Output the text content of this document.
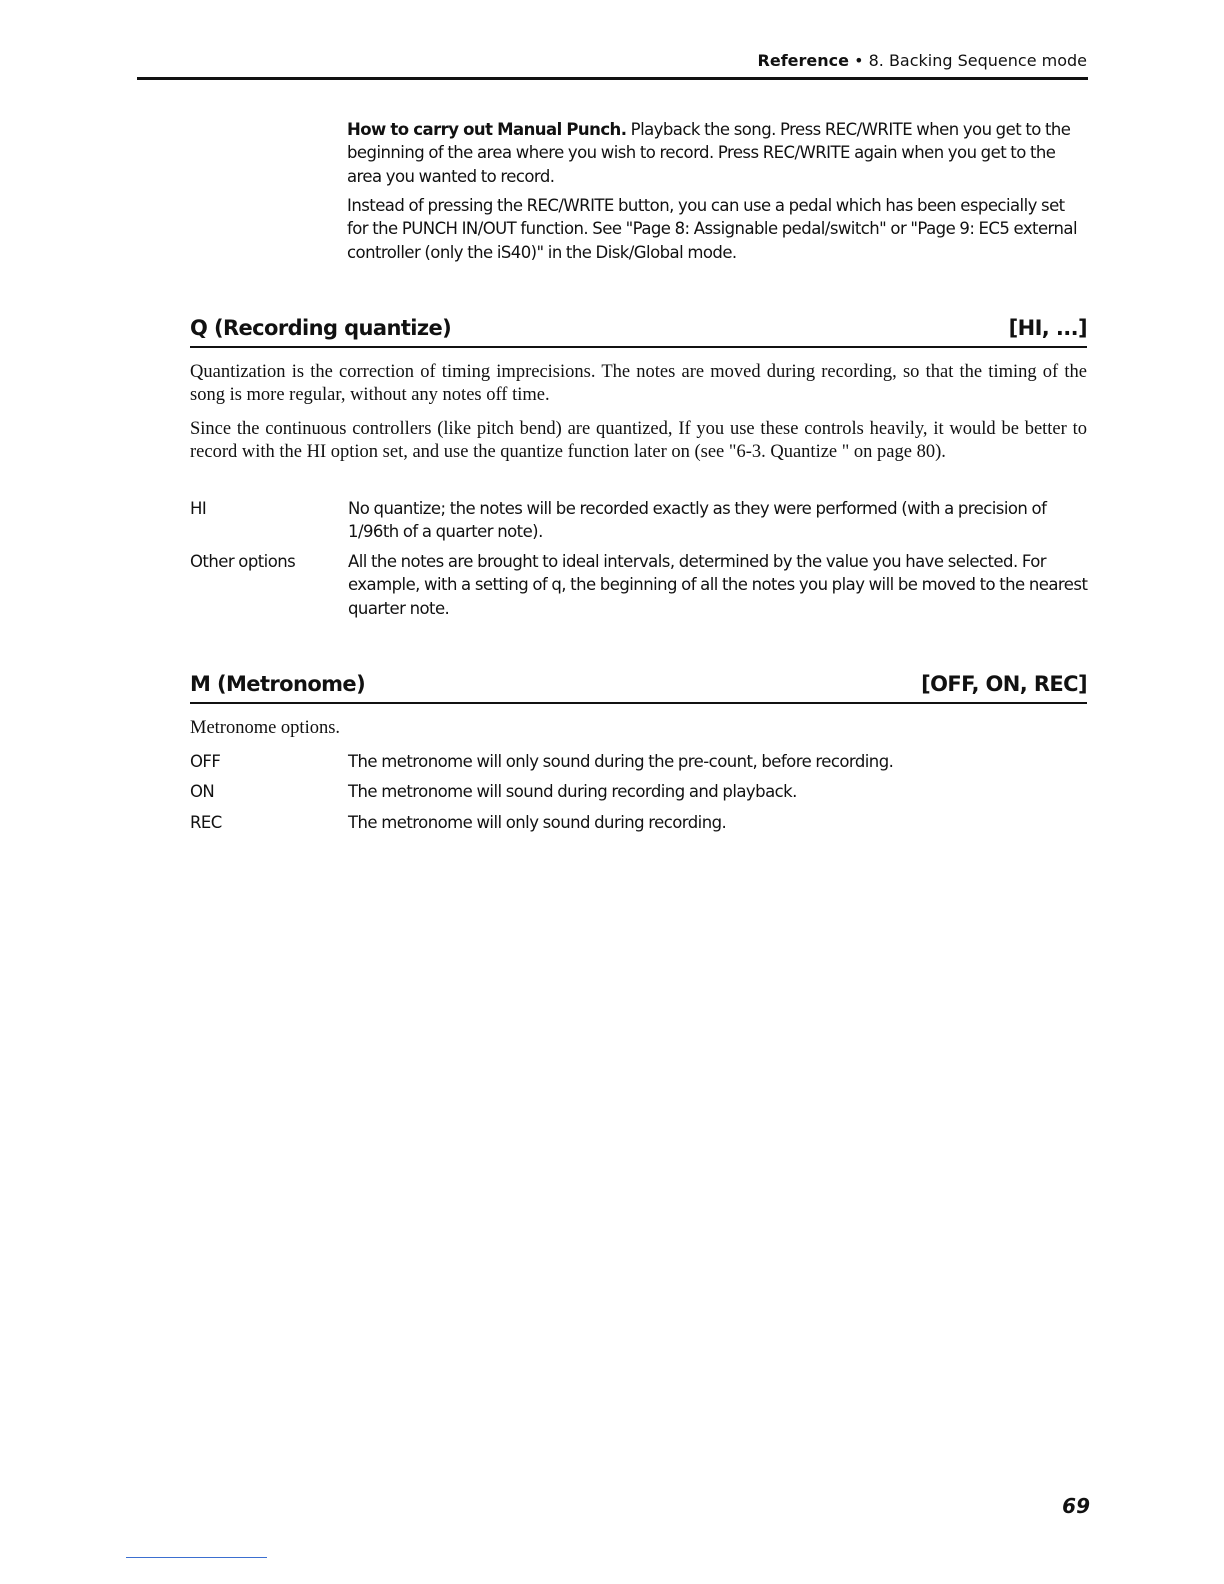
Reference • 8. Backing Sequence mode
How to carry out Manual Punch. Playback the song. Press REC/WRITE when you get to the beginning of the area where you wish to record. Press REC/WRITE again when you get to the area you wanted to record.
Instead of pressing the REC/WRITE button, you can use a pedal which has been especially set for the PUNCH IN/OUT function. See "Page 8: Assignable pedal/switch" or "Page 9: EC5 external controller (only the iS40)" in the Disk/Global mode.
Q (Recording quantize)	[HI, ...]
Quantization is the correction of timing imprecisions. The notes are moved during recording, so that the timing of the song is more regular, without any notes off time.
Since the continuous controllers (like pitch bend) are quantized, If you use these controls heavily, it would be better to record with the HI option set, and use the quantize function later on (see "6-3. Quantize " on page 80).
HI	No quantize; the notes will be recorded exactly as they were performed (with a precision of 1/96th of a quarter note).
Other options	All the notes are brought to ideal intervals, determined by the value you have selected. For example, with a setting of q, the beginning of all the notes you play will be moved to the nearest quarter note.
M (Metronome)	[OFF, ON, REC]
Metronome options.
OFF	The metronome will only sound during the pre-count, before recording.
ON	The metronome will sound during recording and playback.
REC	The metronome will only sound during recording.
69
